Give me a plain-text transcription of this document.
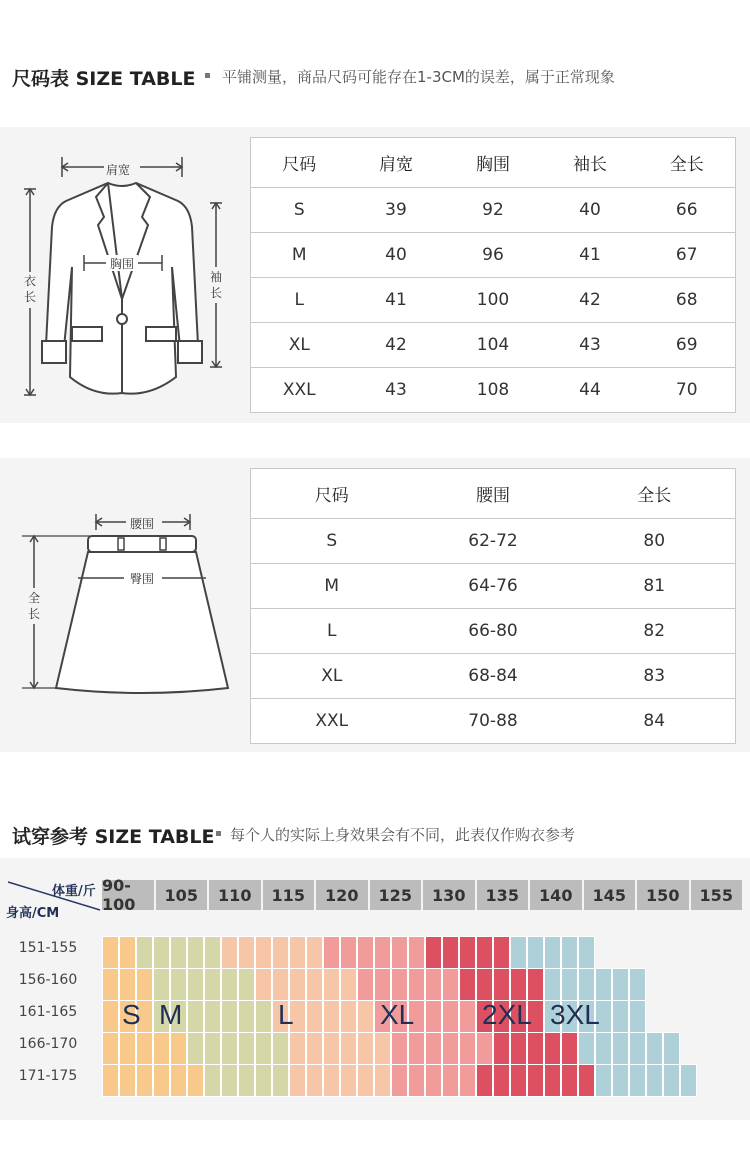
尺码表 SIZE TABLE 平铺测量，商品尺码可能存在1-3CM的误差，属于正常现象
肩宽
胸围
衣长
袖长
尺码	肩宽	胸围	袖长	全长
S	39	92	40	66
M	40	96	41	67
L	41	100	42	68
XL	42	104	43	69
XXL	43	108	44	70
腰围
臀围
全长
尺码	腰围	全长
S	62-72	80
M	64-76	81
L	66-80	82
XL	68-84	83
XXL	70-88	84
试穿参考 SIZE TABLE 每个人的实际上身效果会有不同，此表仅作购衣参考
体重/斤
身高/CM
90-100	105	110	115	120	125	130	135	140	145	150	155
151-155
156-160
161-165
166-170
171-175
S M	L	XL 2XL 3XL
